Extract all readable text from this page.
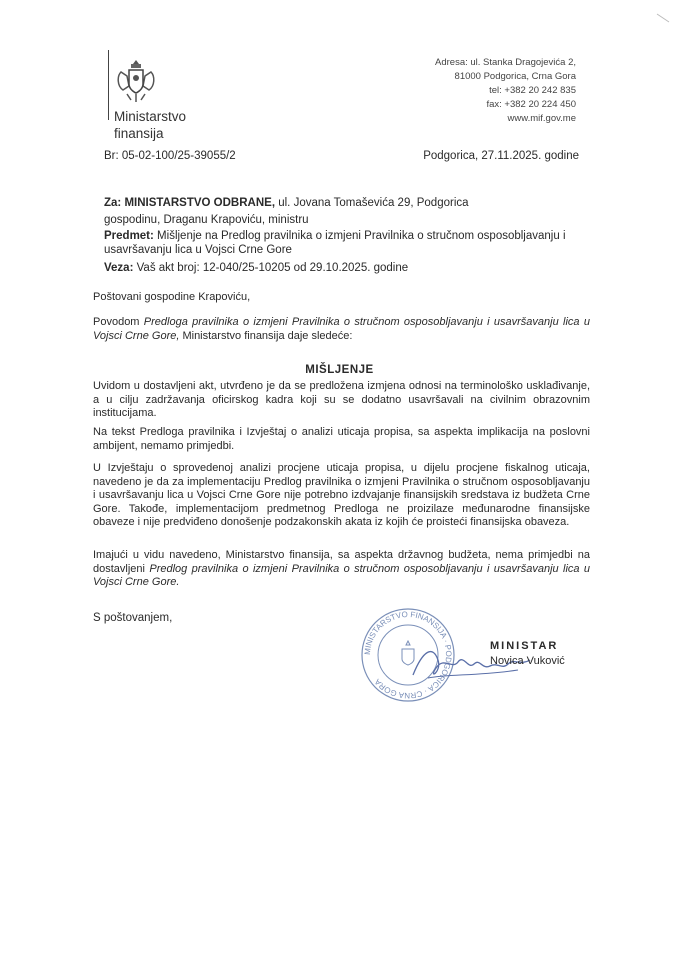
Ministarstvo
finansija
Adresa: ul. Stanka Dragojevića 2,
81000 Podgorica, Crna Gora
tel: +382 20 242 835
fax: +382 20 224 450
www.mif.gov.me
Br: 05-02-100/25-39055/2	Podgorica, 27.11.2025. godine
Za: MINISTARSTVO ODBRANE, ul. Jovana Tomaševića 29, Podgorica
gospodinu, Draganu Krapoviću, ministru
Predmet: Mišljenje na Predlog pravilnika o izmjeni Pravilnika o stručnom osposobljavanju i
usavršavanju lica u Vojsci Crne Gore
Veza: Vaš akt broj: 12-040/25-10205 od 29.10.2025. godine
Poštovani gospodine Krapoviću,
Povodom Predloga pravilnika o izmjeni Pravilnika o stručnom osposobljavanju i usavršavanju lica u Vojsci Crne Gore, Ministarstvo finansija daje sledeće:
MIŠLJENJE
Uvidom u dostavljeni akt, utvrđeno je da se predložena izmjena odnosi na terminološko usklađivanje, a u cilju zadržavanja oficirskog kadra koji su se dodatno usavršavali na civilnim obrazovnim institucijama.
Na tekst Predloga pravilnika i Izvještaj o analizi uticaja propisa, sa aspekta implikacija na poslovni ambijent, nemamo primjedbi.
U Izvještaju o sprovedenoj analizi procjene uticaja propisa, u dijelu procjene fiskalnog uticaja, navedeno je da za implementaciju Predlog pravilnika o izmjeni Pravilnika o stručnom osposobljavanju i usavršavanju lica u Vojsci Crne Gore nije potrebno izdvajanje finansijskih sredstava iz budžeta Crne Gore. Takođe, implementacijom predmetnog Predloga ne proizilaze međunarodne finansijske obaveze i nije predviđeno donošenje podzakonskih akata iz kojih će proisteći finansijska obaveza.
Imajući u vidu navedeno, Ministarstvo finansija, sa aspekta državnog budžeta, nema primjedbi na dostavljeni Predlog pravilnika o izmjeni Pravilnika o stručnom osposobljavanju i usavršavanju lica u Vojsci Crne Gore.
S poštovanjem,
MINISTARSTVO FINANSIJA · PODGORICA · CRNA GORA
MINISTAR
Novica Vuković
